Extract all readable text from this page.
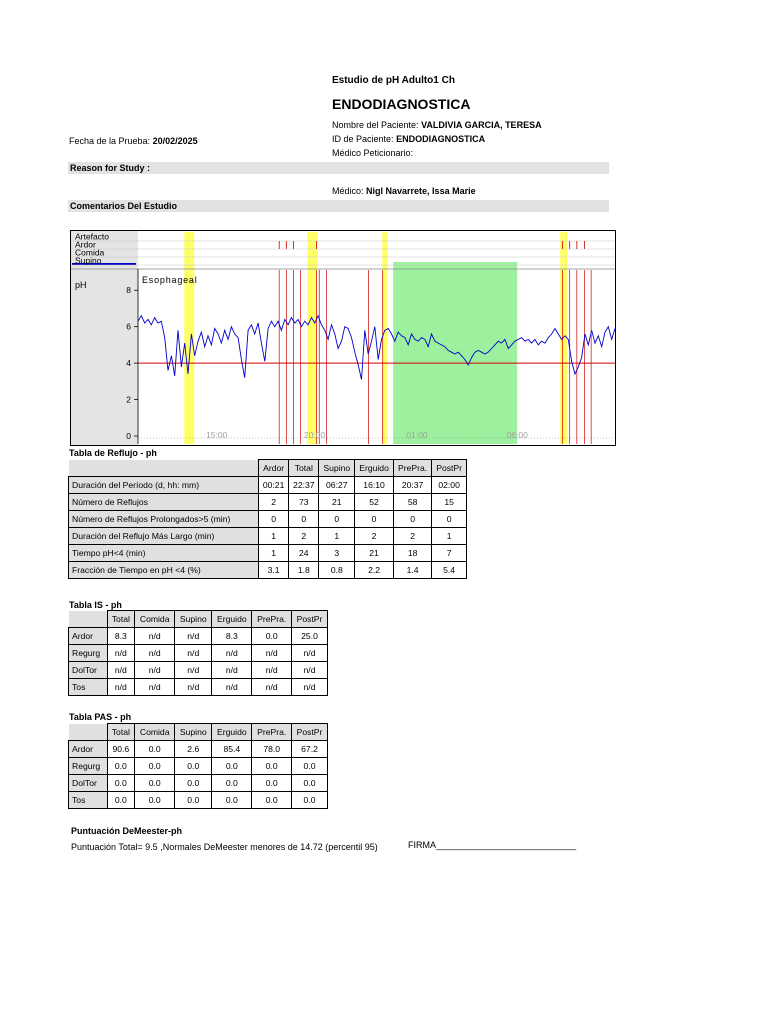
Estudio de pH Adulto1 Ch
ENDODIAGNOSTICA
Nombre del Paciente: VALDIVIA GARCIA, TERESA
ID de Paciente: ENDODIAGNOSTICA
Médico Peticionario:
Fecha de la Prueba: 20/02/2025
Reason for Study :
Médico: Nigl Navarrete, Issa Marie
Comentarios Del Estudio
Artefacto
Ardor
Comida
Supino
pH	Esophageal
0
2
4
6
8
15:00	20:00	01:00	06:00
Tabla de Reflujo - ph
	Ardor	Total	Supino	Erguido	PrePra.	PostPr
Duración del Período (d, hh: mm)	00:21	22:37	06:27	16:10	20:37	02:00
Número de Reflujos	2	73	21	52	58	15
Número de Reflujos Prolongados>5 (min)	0	0	0	0	0	0
Duración del Reflujo Más Largo (min)	1	2	1	2	2	1
Tiempo pH<4 (min)	1	24	3	21	18	7
Fracción de Tiempo en pH <4 (%)	3.1	1.8	0.8	2.2	1.4	5.4
Tabla IS - ph
	Total	Comida	Supino	Erguido	PrePra.	PostPr
Ardor	8.3	n/d	n/d	8.3	0.0	25.0
Regurg	n/d	n/d	n/d	n/d	n/d	n/d
DolTor	n/d	n/d	n/d	n/d	n/d	n/d
Tos	n/d	n/d	n/d	n/d	n/d	n/d
Tabla PAS - ph
	Total	Comida	Supino	Erguido	PrePra.	PostPr
Ardor	90.6	0.0	2.6	85.4	78.0	67.2
Regurg	0.0	0.0	0.0	0.0	0.0	0.0
DolTor	0.0	0.0	0.0	0.0	0.0	0.0
Tos	0.0	0.0	0.0	0.0	0.0	0.0
Puntuación DeMeester-ph
Puntuación Total= 9.5 ,Normales DeMeester menores de 14.72 (percentil 95)	FIRMA____________________________
